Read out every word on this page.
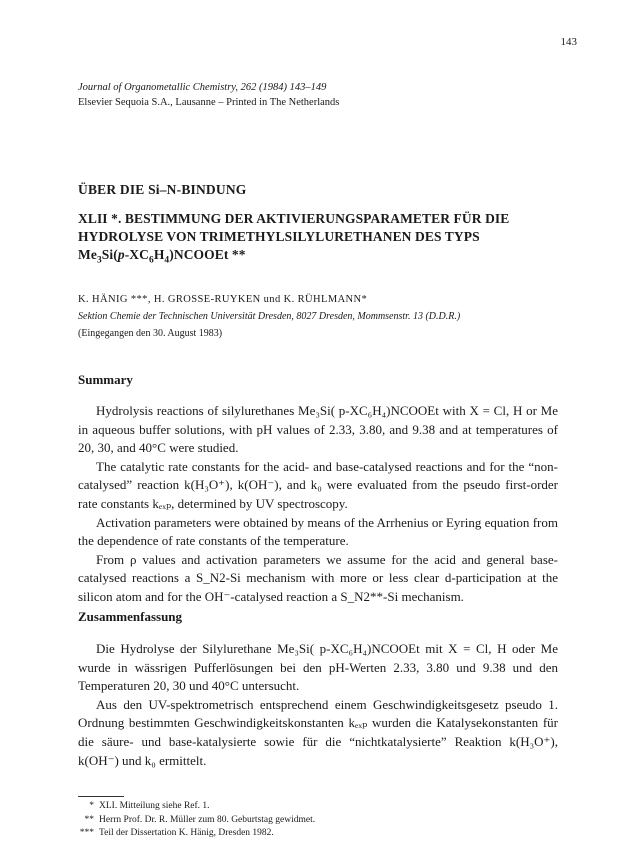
143
Journal of Organometallic Chemistry, 262 (1984) 143–149
Elsevier Sequoia S.A., Lausanne – Printed in The Netherlands
ÜBER DIE Si–N-BINDUNG
XLII *. BESTIMMUNG DER AKTIVIERUNGSPARAMETER FÜR DIE HYDROLYSE VON TRIMETHYLSILYLURETHANEN DES TYPS
$Me_3Si(p-XC_6H_4)NCOOEt$ **
K. HÄNIG ***, H. GROSSE-RUYKEN und K. RÜHLMANN*
Sektion Chemie der Technischen Universität Dresden, 8027 Dresden, Mommsenstr. 13 (D.D.R.)
(Eingegangen den 30. August 1983)
Summary

Hydrolysis reactions of silylurethanes Me₃Si( p-XC₆H₄)NCOOEt with X = Cl, H or Me in aqueous buffer solutions, with pH values of 2.33, 3.80, and 9.38 and at temperatures of 20, 30, and 40°C were studied.

The catalytic rate constants for the acid- and base-catalysed reactions and for the “non-catalysed” reaction k(H₃O⁺), k(OH⁻), and k₀ were evaluated from the pseudo first-order rate constants kₑₓₚ, determined by UV spectroscopy.

Activation parameters were obtained by means of the Arrhenius or Eyring equation from the dependence of rate constants of the temperature.

From ρ values and activation parameters we assume for the acid and general base-catalysed reactions a S_N2-Si mechanism with more or less clear d-participation at the silicon atom and for the OH⁻-catalysed reaction a S_N2**-Si mechanism.

Zusammenfassung

Die Hydrolyse der Silylurethane Me₃Si( p-XC₆H₄)NCOOEt mit X = Cl, H oder Me wurde in wässrigen Pufferlösungen bei den pH-Werten 2.33, 3.80 und 9.38 und den Temperaturen 20, 30 und 40°C untersucht.

Aus den UV-spektrometrisch entsprechend einem Geschwindigkeitsgesetz pseudo 1. Ordnung bestimmten Geschwindigkeitskonstanten kₑₓₚ wurden die Katalysekonstanten für die säure- und base-katalysierte sowie für die “nichtkatalysierte” Reaktion k(H₃O⁺), k(OH⁻) und k₀ ermittelt.

* XLI. Mitteilung siehe Ref. 1.
** Herrn Prof. Dr. R. Müller zum 80. Geburtstag gewidmet.
*** Teil der Dissertation K. Hänig, Dresden 1982.
